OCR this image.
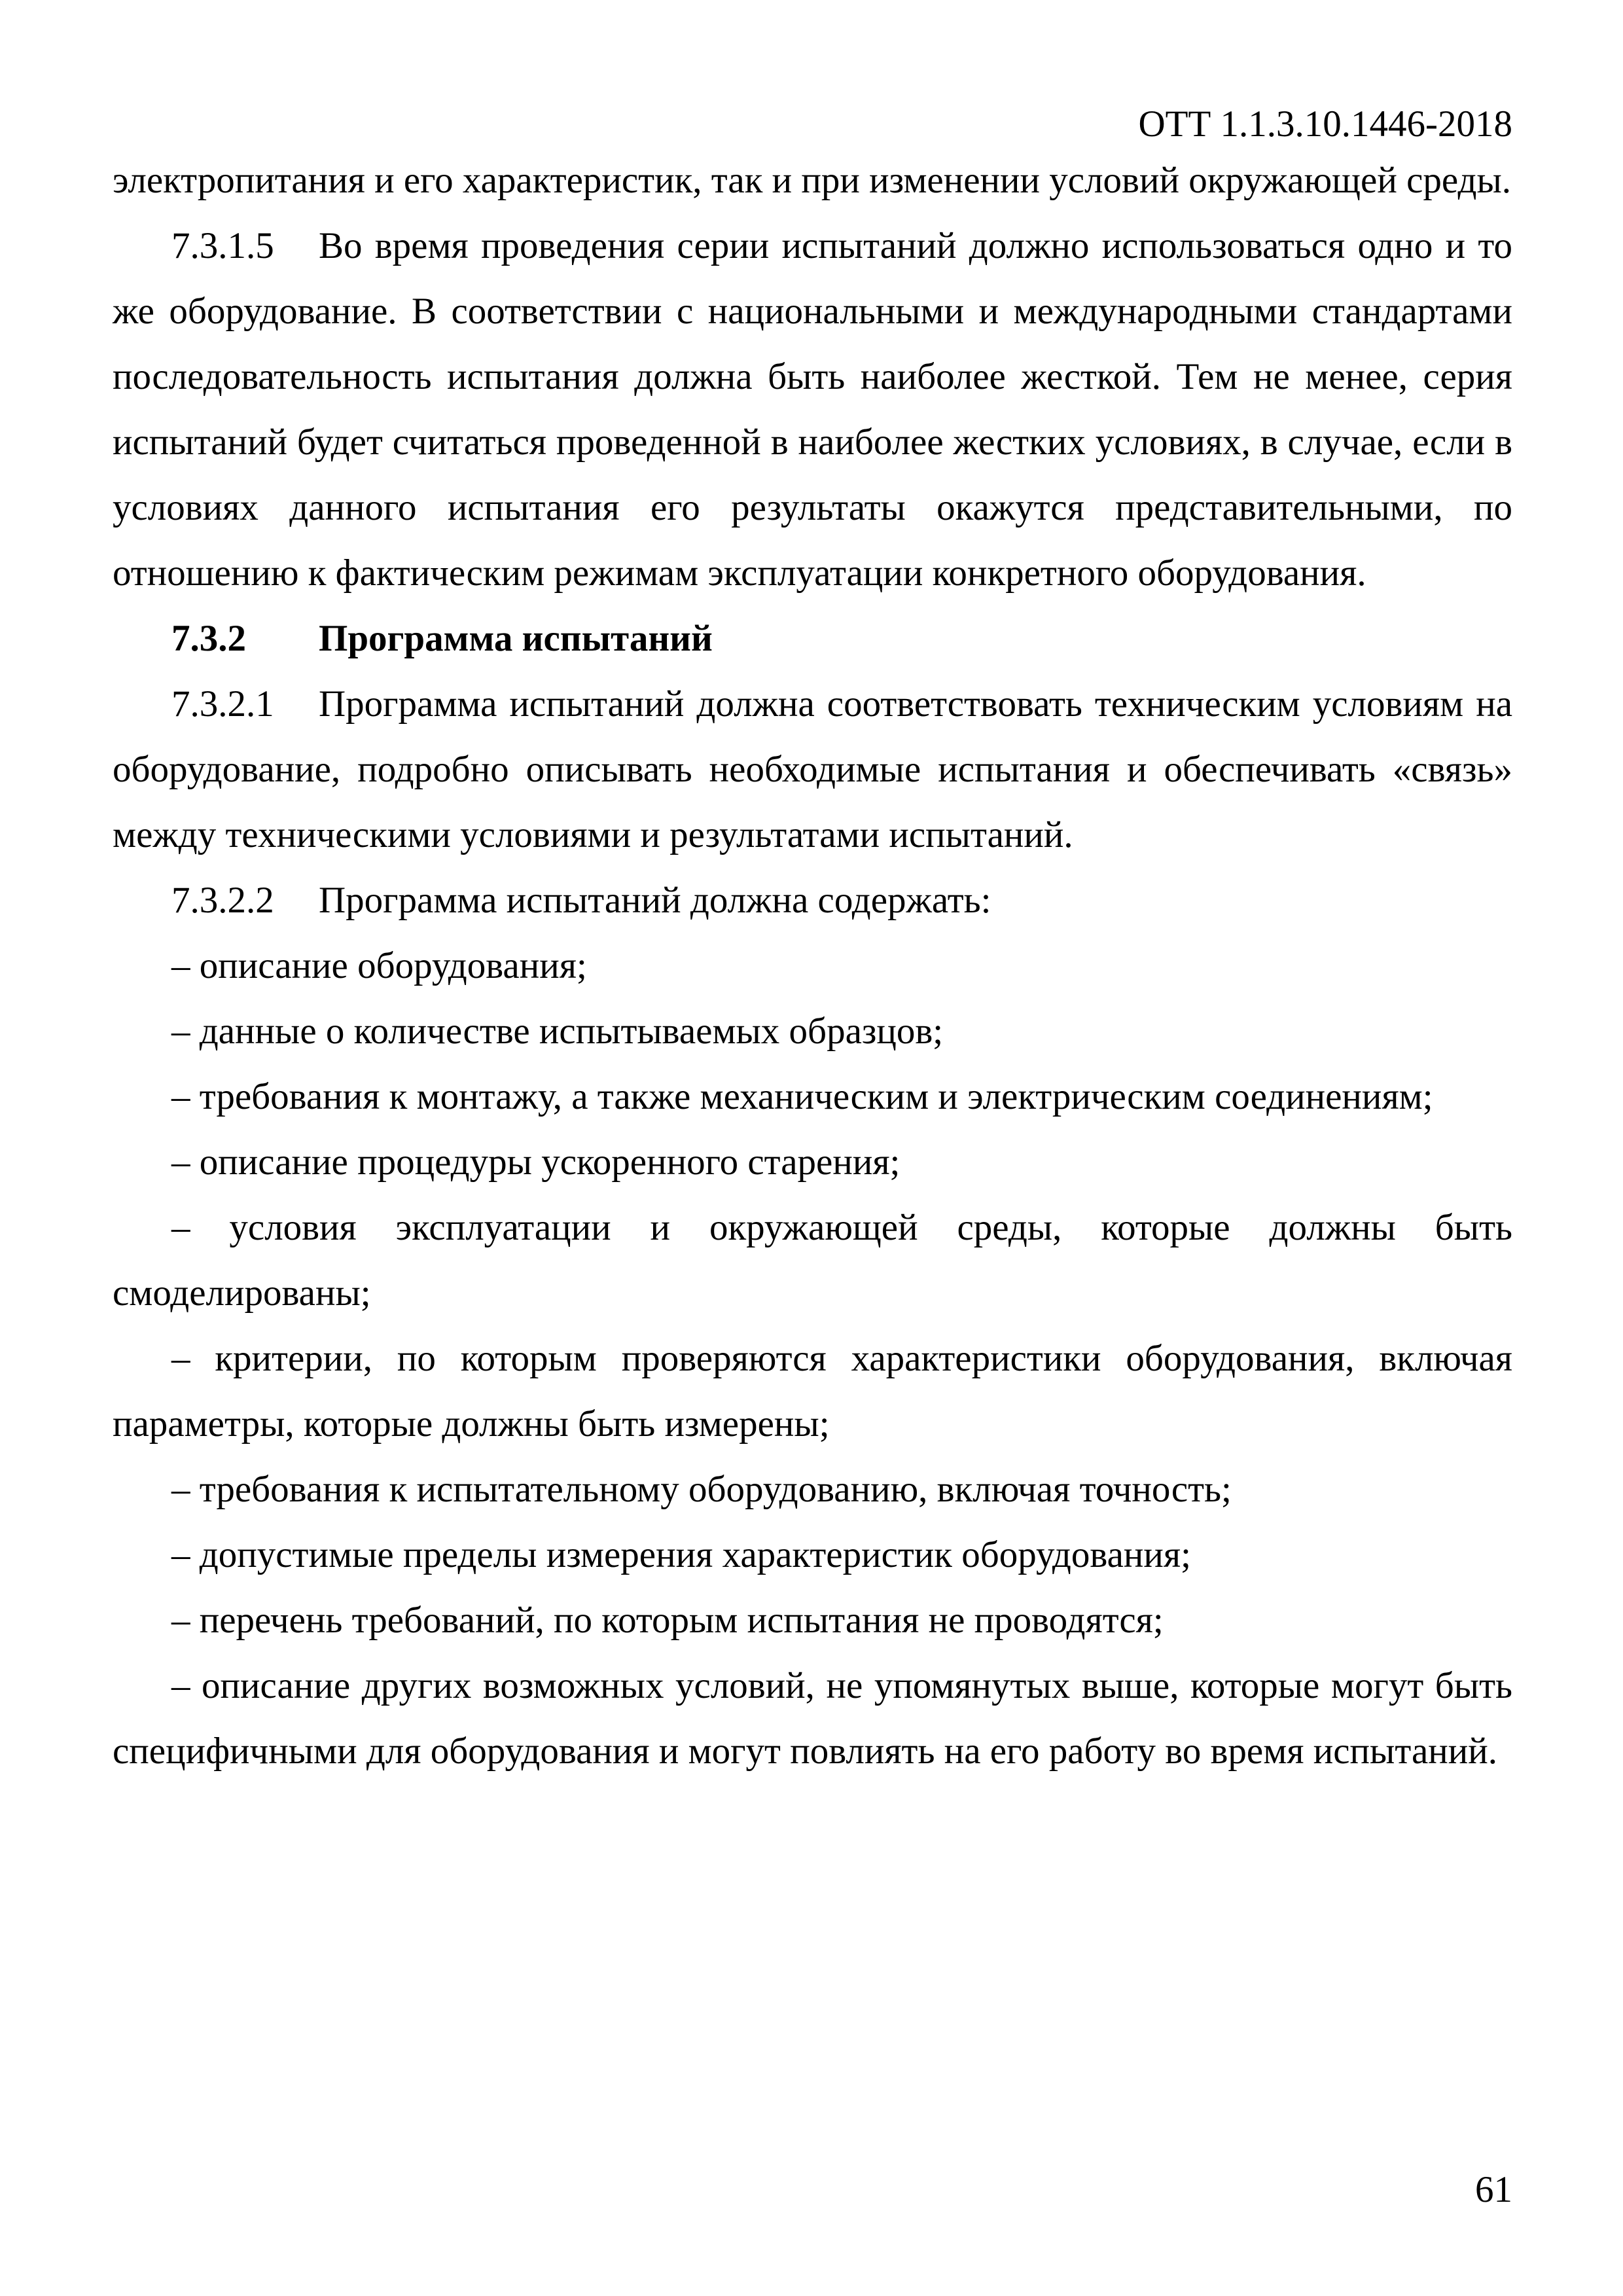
ОТТ 1.1.3.10.1446-2018

электропитания и его характеристик, так и при изменении условий окружающей среды.

7.3.1.5 Во время проведения серии испытаний должно использоваться одно и то же оборудование. В соответствии с национальными и международными стандартами последовательность испытания должна быть наиболее жесткой. Тем не менее, серия испытаний будет считаться проведенной в наиболее жестких условиях, в случае, если в условиях данного испытания его результаты окажутся представительными, по отношению к фактическим режимам эксплуатации конкретного оборудования.

7.3.2 Программа испытаний

7.3.2.1 Программа испытаний должна соответствовать техническим условиям на оборудование, подробно описывать необходимые испытания и обеспечивать «связь» между техническими условиями и результатами испытаний.

7.3.2.2 Программа испытаний должна содержать:

– описание оборудования;

– данные о количестве испытываемых образцов;

– требования к монтажу, а также механическим и электрическим соединениям;

– описание процедуры ускоренного старения;

– условия эксплуатации и окружающей среды, которые должны быть смоделированы;

– критерии, по которым проверяются характеристики оборудования, включая параметры, которые должны быть измерены;

– требования к испытательному оборудованию, включая точность;

– допустимые пределы измерения характеристик оборудования;

– перечень требований, по которым испытания не проводятся;

– описание других возможных условий, не упомянутых выше, которые могут быть специфичными для оборудования и могут повлиять на его работу во время испытаний.

61
